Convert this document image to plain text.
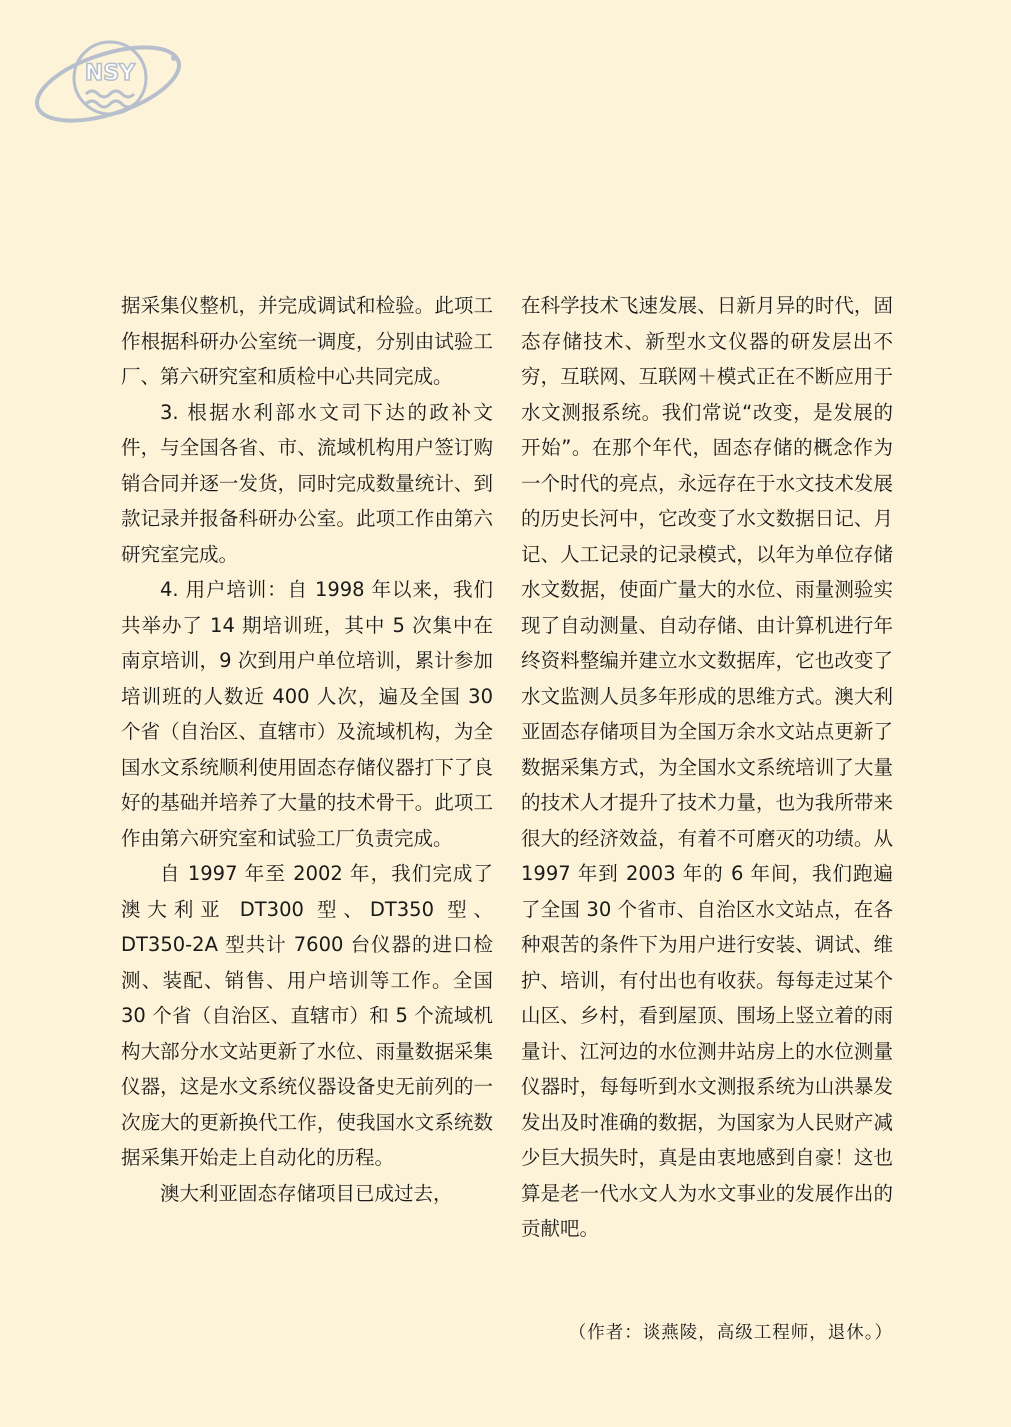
NSY

据采集仪整机，并完成调试和检验。此项工作根据科研办公室统一调度，分别由试验工厂、第六研究室和质检中心共同完成。

3. 根据水利部水文司下达的政补文件，与全国各省、市、流域机构用户签订购销合同并逐一发货，同时完成数量统计、到款记录并报备科研办公室。此项工作由第六研究室完成。

4. 用户培训：自 1998 年以来，我们共举办了 14 期培训班，其中 5 次集中在南京培训，9 次到用户单位培训，累计参加培训班的人数近 400 人次，遍及全国 30 个省（自治区、直辖市）及流域机构，为全国水文系统顺利使用固态存储仪器打下了良好的基础并培养了大量的技术骨干。此项工作由第六研究室和试验工厂负责完成。

自 1997 年至 2002 年，我们完成了澳大利亚 DT300 型、DT350 型、DT350-2A 型共计 7600 台仪器的进口检测、装配、销售、用户培训等工作。全国 30 个省（自治区、直辖市）和 5 个流域机构大部分水文站更新了水位、雨量数据采集仪器，这是水文系统仪器设备史无前列的一次庞大的更新换代工作，使我国水文系统数据采集开始走上自动化的历程。

澳大利亚固态存储项目已成过去，

在科学技术飞速发展、日新月异的时代，固态存储技术、新型水文仪器的研发层出不穷，互联网、互联网＋模式正在不断应用于水文测报系统。我们常说“改变，是发展的开始”。在那个年代，固态存储的概念作为一个时代的亮点，永远存在于水文技术发展的历史长河中，它改变了水文数据日记、月记、人工记录的记录模式，以年为单位存储水文数据，使面广量大的水位、雨量测验实现了自动测量、自动存储、由计算机进行年终资料整编并建立水文数据库，它也改变了水文监测人员多年形成的思维方式。澳大利亚固态存储项目为全国万余水文站点更新了数据采集方式，为全国水文系统培训了大量的技术人才提升了技术力量，也为我所带来很大的经济效益，有着不可磨灭的功绩。从 1997 年到 2003 年的 6 年间，我们跑遍了全国 30 个省市、自治区水文站点，在各种艰苦的条件下为用户进行安装、调试、维护、培训，有付出也有收获。每每走过某个山区、乡村，看到屋顶、围场上竖立着的雨量计、江河边的水位测井站房上的水位测量仪器时，每每听到水文测报系统为山洪暴发发出及时准确的数据，为国家为人民财产减少巨大损失时，真是由衷地感到自豪！这也算是老一代水文人为水文事业的发展作出的贡献吧。

（作者：谈燕陵，高级工程师，退休。）
